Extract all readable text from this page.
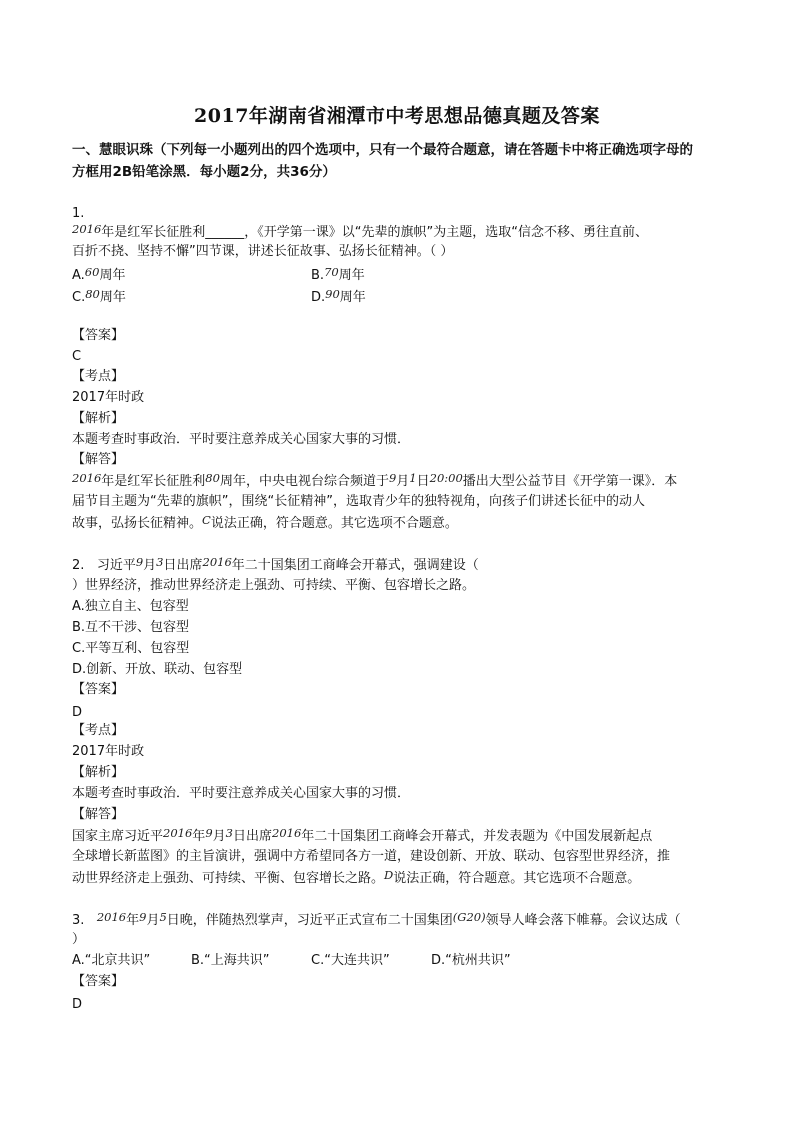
2017年湖南省湘潭市中考思想品德真题及答案
一、慧眼识珠（下列每一小题列出的四个选项中，只有一个最符合题意，请在答题卡中将正确选项字母的
方框用2B铅笔涂黑．每小题2分，共36分）
1.
2016年是红军长征胜利______，《开学第一课》以“先辈的旗帜”为主题，选取“信念不移、勇往直前、
百折不挠、坚持不懈”四节课，讲述长征故事、弘扬长征精神。（ ）
A.60周年	B.70周年
C.80周年	D.90周年
【答案】
C
【考点】
2017年时政
【解析】
本题考查时事政治．平时要注意养成关心国家大事的习惯．
【解答】
2016年是红军长征胜利80周年，中央电视台综合频道于9月1日20:00播出大型公益节目《开学第一课》．本
届节目主题为“先辈的旗帜”，围绕“长征精神”，选取青少年的独特视角，向孩子们讲述长征中的动人
故事，弘扬长征精神。C说法正确，符合题意。其它选项不合题意。
2. 习近平9月3日出席2016年二十国集团工商峰会开幕式，强调建设（
）世界经济，推动世界经济走上强劲、可持续、平衡、包容增长之路。
A.独立自主、包容型
B.互不干涉、包容型
C.平等互利、包容型
D.创新、开放、联动、包容型
【答案】
D
【考点】
2017年时政
【解析】
本题考查时事政治．平时要注意养成关心国家大事的习惯．
【解答】
国家主席习近平2016年9月3日出席2016年二十国集团工商峰会开幕式，并发表题为《中国发展新起点
全球增长新蓝图》的主旨演讲，强调中方希望同各方一道，建设创新、开放、联动、包容型世界经济，推
动世界经济走上强劲、可持续、平衡、包容增长之路。D说法正确，符合题意。其它选项不合题意。
3. 2016年9月5日晚，伴随热烈掌声，习近平正式宣布二十国集团(G20)领导人峰会落下帷幕。会议达成（
）
A.“北京共识”	B.“上海共识”	C.“大连共识”	D.“杭州共识”
【答案】
D
